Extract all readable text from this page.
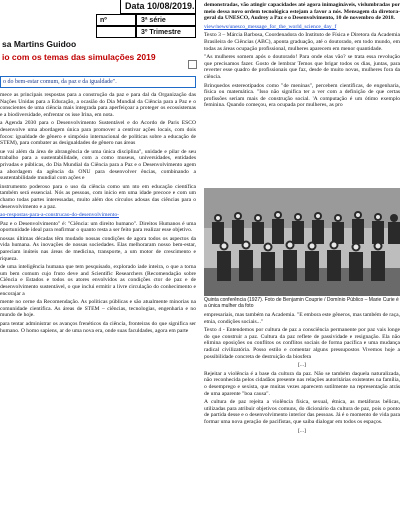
Data 10/08/2019.
nº	3ª série
3º Trimestre
sa Martins Guidoo
io com os temas das simulações 2019
o do bem-estar comum, da paz e da igualdade".

mece as principais respostas para a construção da paz e para dal da Organização das Nações Unidas para a Educação, a ocasião do Dia Mundial da Ciência para a Paz e o conscientes de uma ciência mais integrada para aperfeiçoar a proteger os ecossistemas e a biodiversidade, enfrentar os isse Irina, em nota.

a Agenda 2030 para o Desenvolvimento Sustentável e do Acordo de Paris ESCO desenvolve uma abordagem única para promover a centivar ações locais, com dois focos: igualdade de gênero e simpósio internacional de políticas sobre a educação de STEM), para combater as desigualdades de gênero nas áreas

ue vai além da área de abrangência de uma única disciplina", unidade e pilar de seu trabalho para a sustentabilidade, com a como museus, universidades, entidades privadas e públicas, do Dia Mundial da Ciência para a Paz e o Desenvolvimento agem a abordagem da agência da ONU para desenvolver ências, combinando a sustentabilidade mundial com ações e

instrumento poderoso para o uso da ciência como um nto em educação científica também será essencial. Nós as pessoas, com início em uma idade precoce e com um chamo todas partes interessadas, muito além dos círculos adosas das ciências para o desenvolvimento e a paz.

ao-respostas-para-a-construcao-do-desenvolvimento-

Paz e o Desenvolvimento" é: "Ciência: um direito humano". Direitos Humanos é uma oportunidade ideal para reafirmar o quanto resta a ser feito para realizar esse objetivo.

nossas últimas décadas têm mudado nossas condições de agora todos os aspectos da vida humana. As inovações de nossas sociedades. Elas melhoraram nosso bem-estar, pareciam inúteis nas áreas de medicina, transporte, a um motor de crescimento e riqueza.

de uma inteligência humana que tem pesquisado, explorado iade inteira, o que a torna um bem comum cujo fruto deve and Scientific Researchers (Recomendação sobre Ciência e Estados e todos os atores envolvidos as condições ctor de paz e de desenvolvimento sustentável, o que inclui ermitir a livre circulação do conhecimento e encorajar a

mente no cerne da Recomendação. As políticas públicas e são atualmente minorias na comunidade científica. As áreas de STEM – ciências, tecnologias, engenharia e no mundo de hoje.

para tentar administrar os avanços frenéticos da ciência, fronteiras do que significa ser humano. O homo sapiens, ar de uma nova era, onde suas faculdades, agora em parte

demonstradas, vão atingir capacidades até agora inimagináveis, vislumbradas por meio dessa novo ordem tecnológica estejam a favor a nós. Mensagem da diretora-geral da UNESCO, Audrey a Paz e o Desenvolvimento, 10 de novembro de 2018.

view/news/unesco_message_for_the_world_science_day_f

Texto 3 – Márcia Barbosa, Coordenadora do Instituto de Física e Diretora da Academia Brasileira de Ciências (ABC), aponta graduação, até o doutorado, em todo mundo, em todas as áreas ocupação profissional, mulheres aparecem em menor quantidade.

"As mulheres somem após o doutorado! Para onde elas vão? se trata essa revolução que precisamos fazer. Gosto de lembrar Temos que brigar todos os dias, juntas, para reverter esse quadro de profissionais que faz, desde de muito novas, mulheres fora da ciência.

Brinquedos estereotipados como "de meninas", percebem científicas, de engenharia, física ou matemática. "Isso não significa ter a ver com a definição de que certas profissões seriam mais de construção social. 'A computação é um ótimo exemplo feminina. Quando começou, era ocupada por mulheres, as pro

Quinta conferência (1927). Foto de Benjamin Couprie / Domínio Público – Marie Curie é a única mulher da foto

empresariais, mas também na Academia. "E embora este gêneros, mas também de raça, etnia, condições sociais..."

Texto 4 - Entendemos por cultura de paz a consciência permanente por paz vais longe do que construir a paz. Cultura da paz reflete de passividade e resignação. Ela não elimina oposições ou conflitos os conflitos sociais de forma pacífica e uma mudança radical civilizatória. Posso estilo e comentar alguns pressupostos Vivemos hoje a possibilidade concreta de destruição da biosfera

[...]

Rejeitar a violência é a base da cultura da paz. Não se também daquela naturalizada, não reconhecida pelos cidadãos presente nas relações autoritárias existentes na família, o desemprego e sexista, que muitas vezes aparecem sutilmente na representação atrás de uma aparente "boa causa".

A cultura de paz rejeita a violência física, sexual, étnica, as metáforas bélicas, utilizadas para atribuir objetivos comuns, do dicionário da cultura de paz, pois o ponto de partida desse e o desenvolvimento interior das pessoas. Já é o momento de vida para formar uma nova geração de pacifistas, que saiba dialogar em todos os espaços.

[...]
